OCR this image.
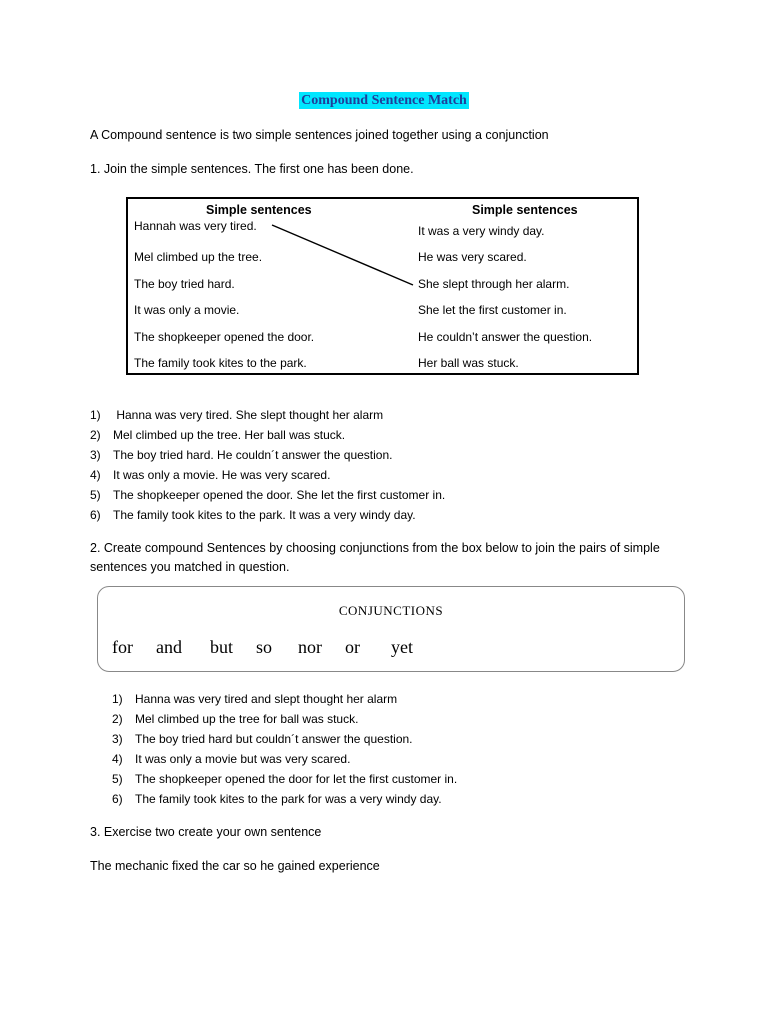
Compound Sentence Match
A Compound sentence is two simple sentences joined together using a conjunction
1. Join the simple sentences. The first one has been done.
Simple sentences	Simple sentences
Hannah was very tired.
Mel climbed up the tree.
The boy tried hard.
It was only a movie.
The shopkeeper opened the door.
The family took kites to the park.
It was a very windy day.
He was very scared.
She slept through her alarm.
She let the first customer in.
He couldn’t answer the question.
Her ball was stuck.
1) Hanna was very tired. She slept thought her alarm
2) Mel climbed up the tree. Her ball was stuck.
3) The boy tried hard. He couldn´t answer the question.
4) It was only a movie. He was very scared.
5) The shopkeeper opened the door. She let the first customer in.
6) The family took kites to the park. It was a very windy day.
2. Create compound Sentences by choosing conjunctions from the box below to join the pairs of simple
sentences you matched in question.
CONJUNCTIONS
for and but so nor or yet
1) Hanna was very tired and slept thought her alarm
2) Mel climbed up the tree for ball was stuck.
3) The boy tried hard but couldn´t answer the question.
4) It was only a movie but was very scared.
5) The shopkeeper opened the door for let the first customer in.
6) The family took kites to the park for was a very windy day.
3. Exercise two create your own sentence
The mechanic fixed the car so he gained experience
